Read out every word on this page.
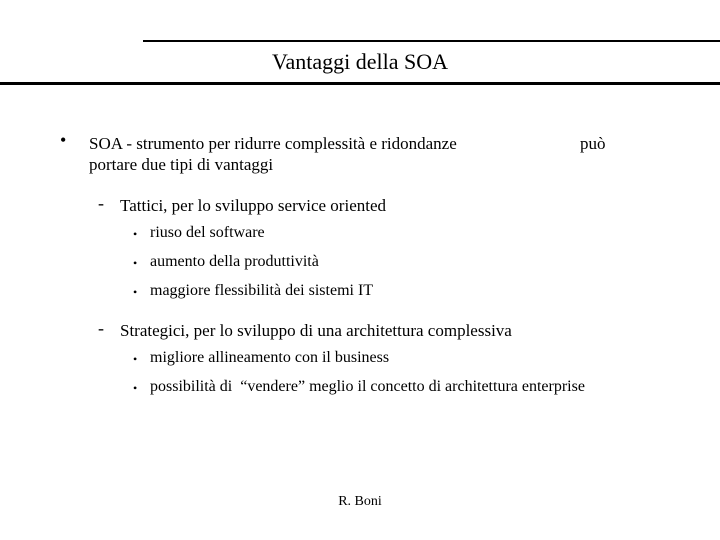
Vantaggi della SOA
• SOA - strumento per ridurre complessità e ridondanze	può
portare due tipi di vantaggi
- Tattici, per lo sviluppo service oriented
• riuso del software
• aumento della produttività
• maggiore flessibilità dei sistemi IT
- Strategici, per lo sviluppo di una architettura complessiva
• migliore allineamento con il business
• possibilità di  “vendere” meglio il concetto di architettura enterprise
R. Boni
